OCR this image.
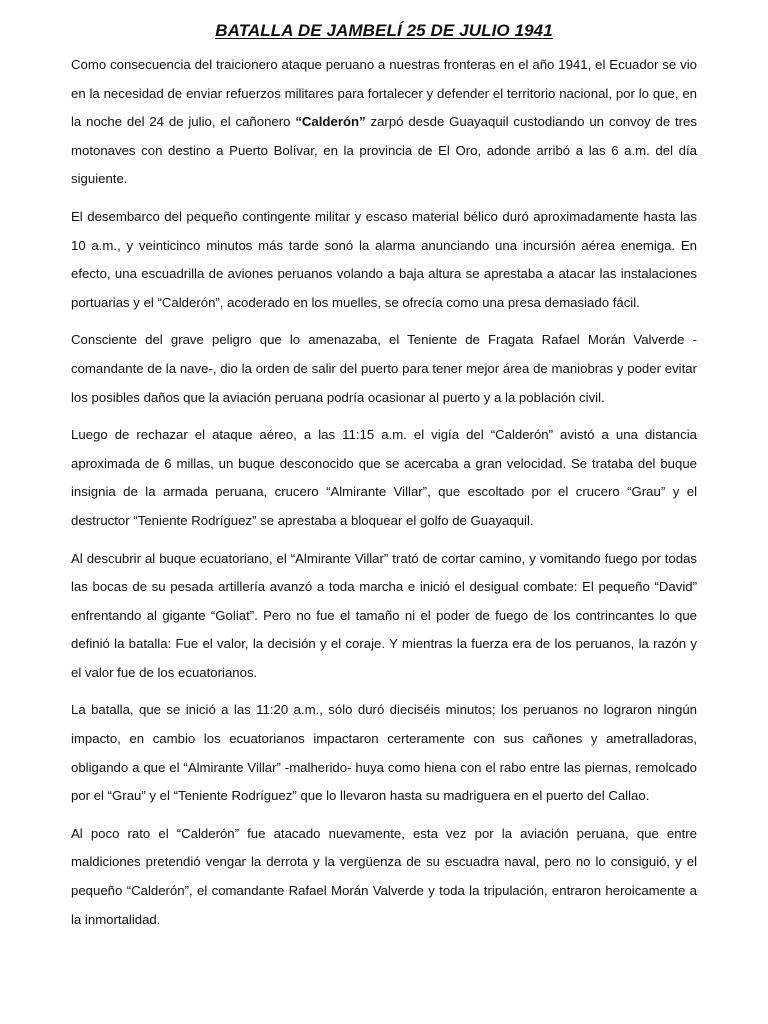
BATALLA DE JAMBELÍ 25 DE JULIO 1941

Como consecuencia del traicionero ataque peruano a nuestras fronteras en el año 1941, el Ecuador se vio en la necesidad de enviar refuerzos militares para fortalecer y defender el territorio nacional, por lo que, en la noche del 24 de julio, el cañonero “Calderón” zarpó desde Guayaquil custodiando un convoy de tres motonaves con destino a Puerto Bolívar, en la provincia de El Oro, adonde arribó a las 6 a.m. del día siguiente.

El desembarco del pequeño contingente militar y escaso material bélico duró aproximadamente hasta las 10 a.m., y veinticinco minutos más tarde sonó la alarma anunciando una incursión aérea enemiga. En efecto, una escuadrilla de aviones peruanos volando a baja altura se aprestaba a atacar las instalaciones portuarias y el “Calderón”, acoderado en los muelles, se ofrecía como una presa demasiado fácil.

Consciente del grave peligro que lo amenazaba, el Teniente de Fragata Rafael Morán Valverde -comandante de la nave-, dio la orden de salir del puerto para tener mejor área de maniobras y poder evitar los posibles daños que la aviación peruana podría ocasionar al puerto y a la población civil.

Luego de rechazar el ataque aéreo, a las 11:15 a.m. el vigía del “Calderón” avistó a una distancia aproximada de 6 millas, un buque desconocido que se acercaba a gran velocidad. Se trataba del buque insignia de la armada peruana, crucero “Almirante Villar”, que escoltado por el crucero “Grau” y el destructor “Teniente Rodríguez” se aprestaba a bloquear el golfo de Guayaquil.

Al descubrir al buque ecuatoriano, el “Almirante Villar” trató de cortar camino, y vomitando fuego por todas las bocas de su pesada artillería avanzó a toda marcha e inició el desigual combate: El pequeño “David” enfrentando al gigante “Goliat”. Pero no fue el tamaño ni el poder de fuego de los contrincantes lo que definió la batalla: Fue el valor, la decisión y el coraje. Y mientras la fuerza era de los peruanos, la razón y el valor fue de los ecuatorianos.

La batalla, que se inició a las 11:20 a.m., sólo duró dieciséis minutos; los peruanos no lograron ningún impacto, en cambio los ecuatorianos impactaron certeramente con sus cañones y ametralladoras, obligando a que el “Almirante Villar” -malherido- huya como hiena con el rabo entre las piernas, remolcado por el “Grau” y el “Teniente Rodríguez” que lo llevaron hasta su madriguera en el puerto del Callao.

Al poco rato el “Calderón” fue atacado nuevamente, esta vez por la aviación peruana, que entre maldiciones pretendió vengar la derrota y la vergüenza de su escuadra naval, pero no lo consiguió, y el pequeño “Calderón”, el comandante Rafael Morán Valverde y toda la tripulación, entraron heroicamente a la inmortalidad.
